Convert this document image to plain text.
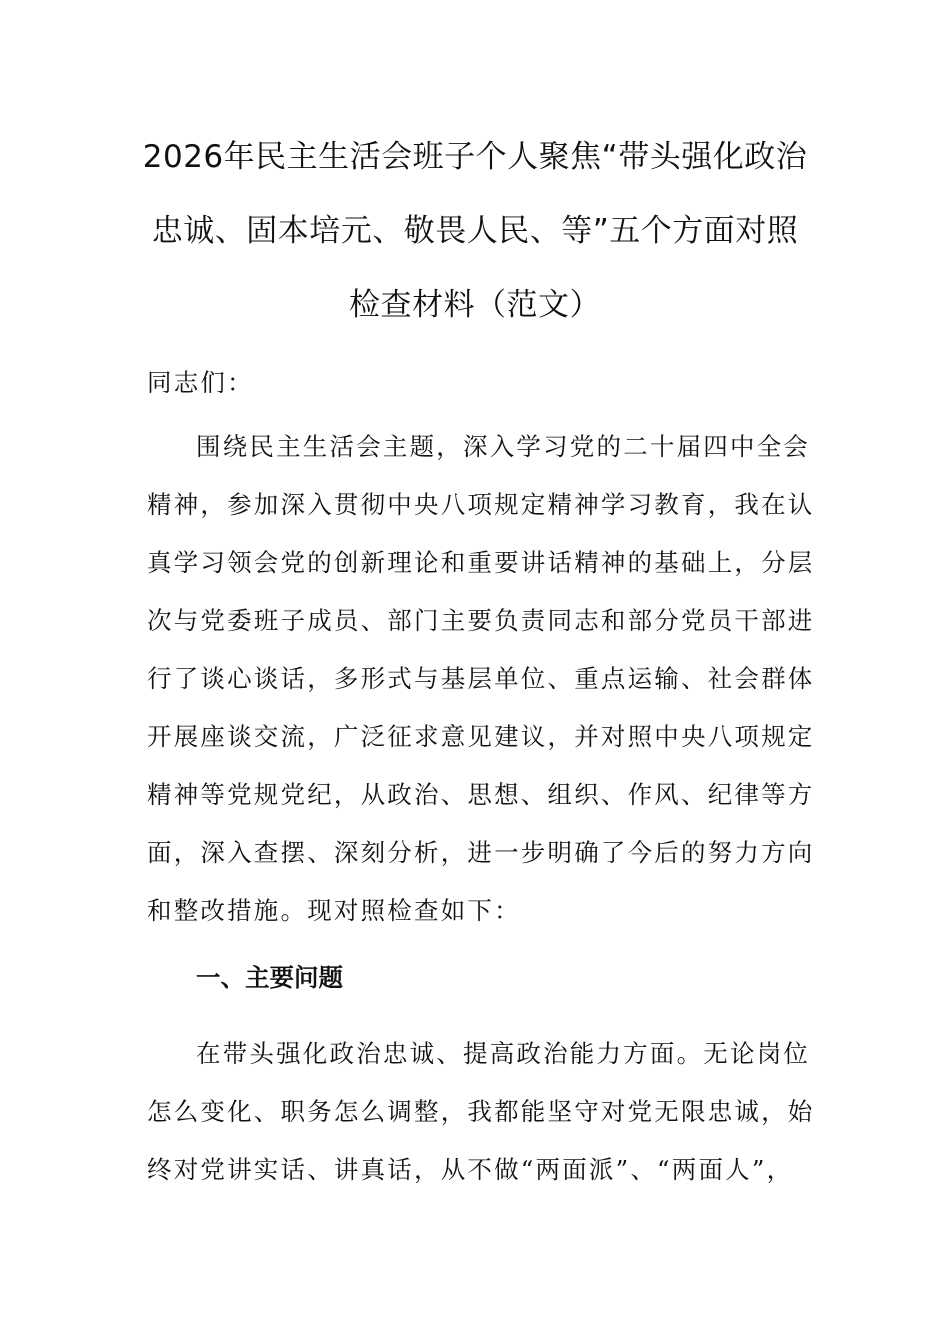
2026年民主生活会班子个人聚焦“带头强化政治
忠诚、固本培元、敬畏人民、等”五个方面对照
检查材料（范文）
同志们：
围绕民主生活会主题，深入学习党的二十届四中全会
精神，参加深入贯彻中央八项规定精神学习教育，我在认
真学习领会党的创新理论和重要讲话精神的基础上，分层
次与党委班子成员、部门主要负责同志和部分党员干部进
行了谈心谈话，多形式与基层单位、重点运输、社会群体
开展座谈交流，广泛征求意见建议，并对照中央八项规定
精神等党规党纪，从政治、思想、组织、作风、纪律等方
面，深入查摆、深刻分析，进一步明确了今后的努力方向
和整改措施。现对照检查如下：
一、主要问题
在带头强化政治忠诚、提高政治能力方面。无论岗位
怎么变化、职务怎么调整，我都能坚守对党无限忠诚，始
终对党讲实话、讲真话，从不做“两面派”、“两面人”，
